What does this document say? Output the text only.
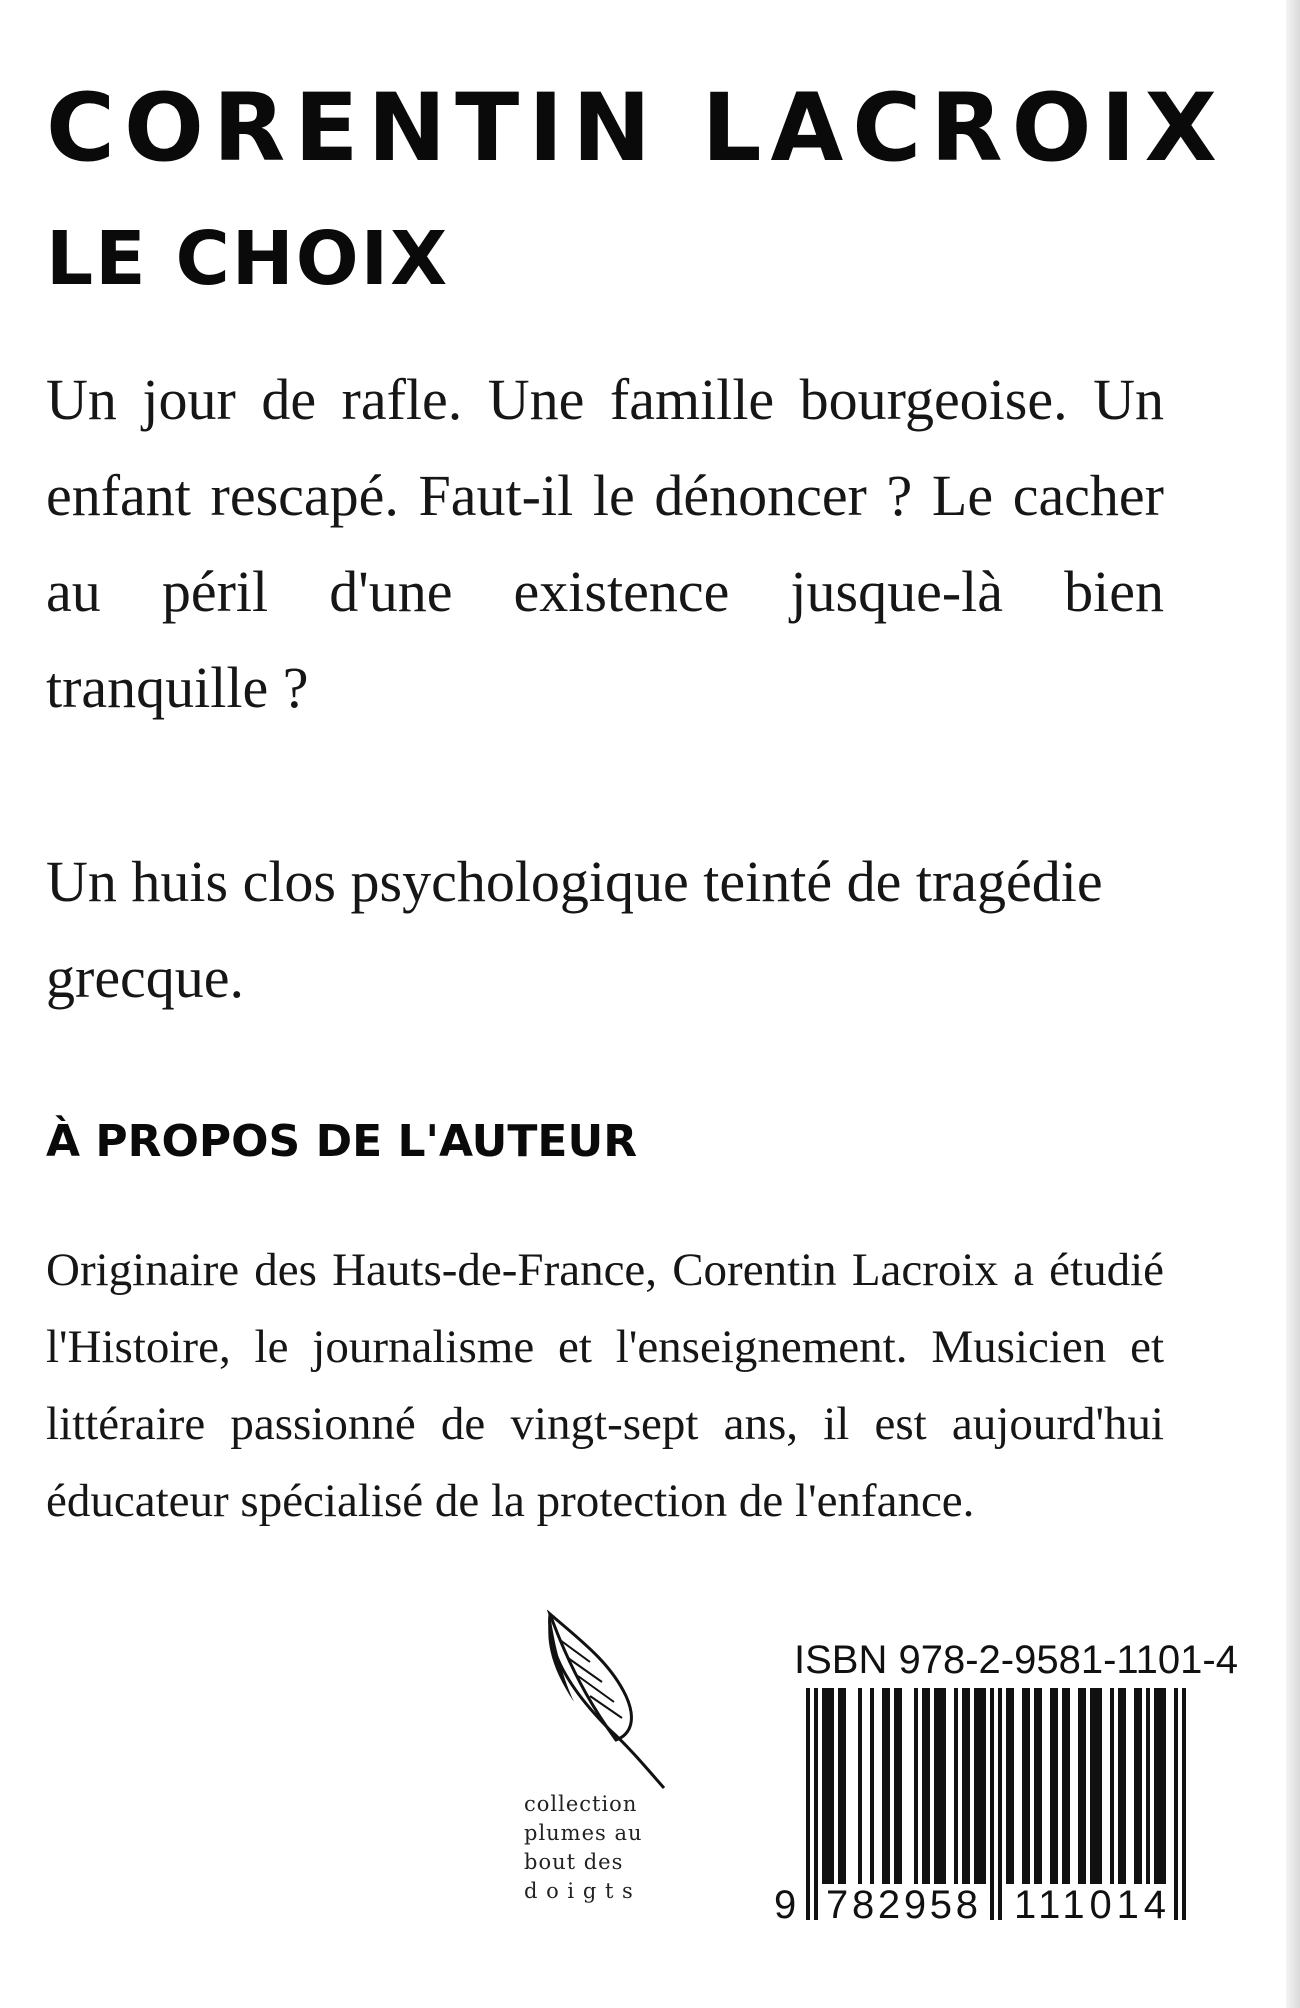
CORENTIN LACROIX
LE CHOIX

Un jour de rafle. Une famille bourgeoise. Un enfant rescapé. Faut-il le dénoncer ? Le cacher au péril d'une existence jusque-là bien tranquille ?

Un huis clos psychologique teinté de tragédie grecque.

À PROPOS DE L'AUTEUR

Originaire des Hauts-de-France, Corentin Lacroix a étudié l'Histoire, le journalisme et l'enseignement. Musicien et littéraire passionné de vingt-sept ans, il est aujourd'hui éducateur spécialisé de la protection de l'enfance.

collection
plumes au
bout des
d o i g t s

ISBN 978-2-9581-1101-4

9 782958 111014
